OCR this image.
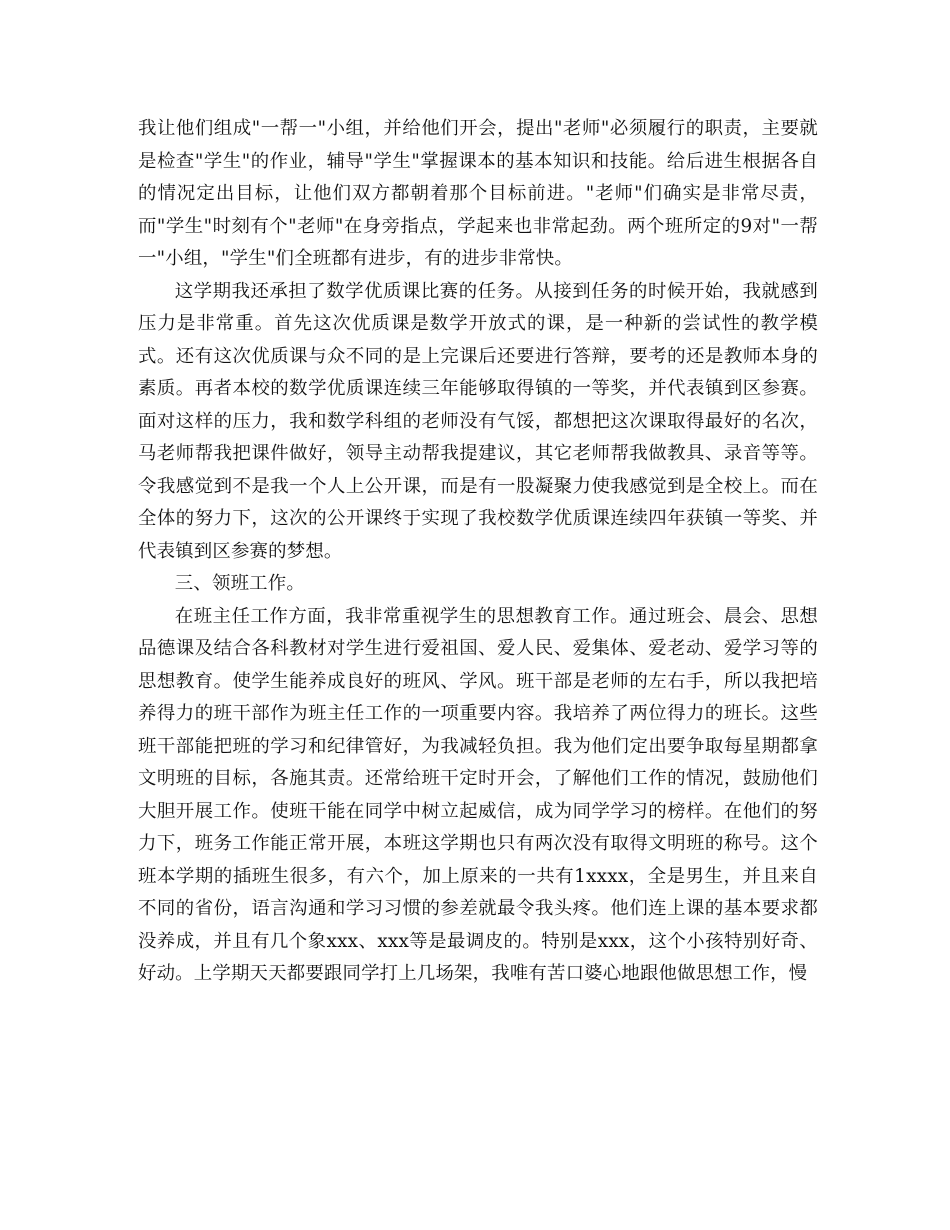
我让他们组成"一帮一"小组，并给他们开会，提出"老师"必须履行的职责，主要就是检查"学生"的作业，辅导"学生"掌握课本的基本知识和技能。给后进生根据各自的情况定出目标，让他们双方都朝着那个目标前进。"老师"们确实是非常尽责，而"学生"时刻有个"老师"在身旁指点，学起来也非常起劲。两个班所定的9对"一帮一"小组，"学生"们全班都有进步，有的进步非常快。

这学期我还承担了数学优质课比赛的任务。从接到任务的时候开始，我就感到压力是非常重。首先这次优质课是数学开放式的课，是一种新的尝试性的教学模式。还有这次优质课与众不同的是上完课后还要进行答辩，要考的还是教师本身的素质。再者本校的数学优质课连续三年能够取得镇的一等奖，并代表镇到区参赛。面对这样的压力，我和数学科组的老师没有气馁，都想把这次课取得最好的名次，马老师帮我把课件做好，领导主动帮我提建议，其它老师帮我做教具、录音等等。令我感觉到不是我一个人上公开课，而是有一股凝聚力使我感觉到是全校上。而在全体的努力下，这次的公开课终于实现了我校数学优质课连续四年获镇一等奖、并代表镇到区参赛的梦想。

三、领班工作。

在班主任工作方面，我非常重视学生的思想教育工作。通过班会、晨会、思想品德课及结合各科教材对学生进行爱祖国、爱人民、爱集体、爱老动、爱学习等的思想教育。使学生能养成良好的班风、学风。班干部是老师的左右手，所以我把培养得力的班干部作为班主任工作的一项重要内容。我培养了两位得力的班长。这些班干部能把班的学习和纪律管好，为我减轻负担。我为他们定出要争取每星期都拿文明班的目标，各施其责。还常给班干定时开会，了解他们工作的情况，鼓励他们大胆开展工作。使班干能在同学中树立起威信，成为同学学习的榜样。在他们的努力下，班务工作能正常开展，本班这学期也只有两次没有取得文明班的称号。这个班本学期的插班生很多，有六个，加上原来的一共有1xxxx，全是男生，并且来自不同的省份，语言沟通和学习习惯的参差就最令我头疼。他们连上课的基本要求都没养成，并且有几个象xxx、xxx等是最调皮的。特别是xxx，这个小孩特别好奇、好动。上学期天天都要跟同学打上几场架，我唯有苦口婆心地跟他做思想工作，慢
